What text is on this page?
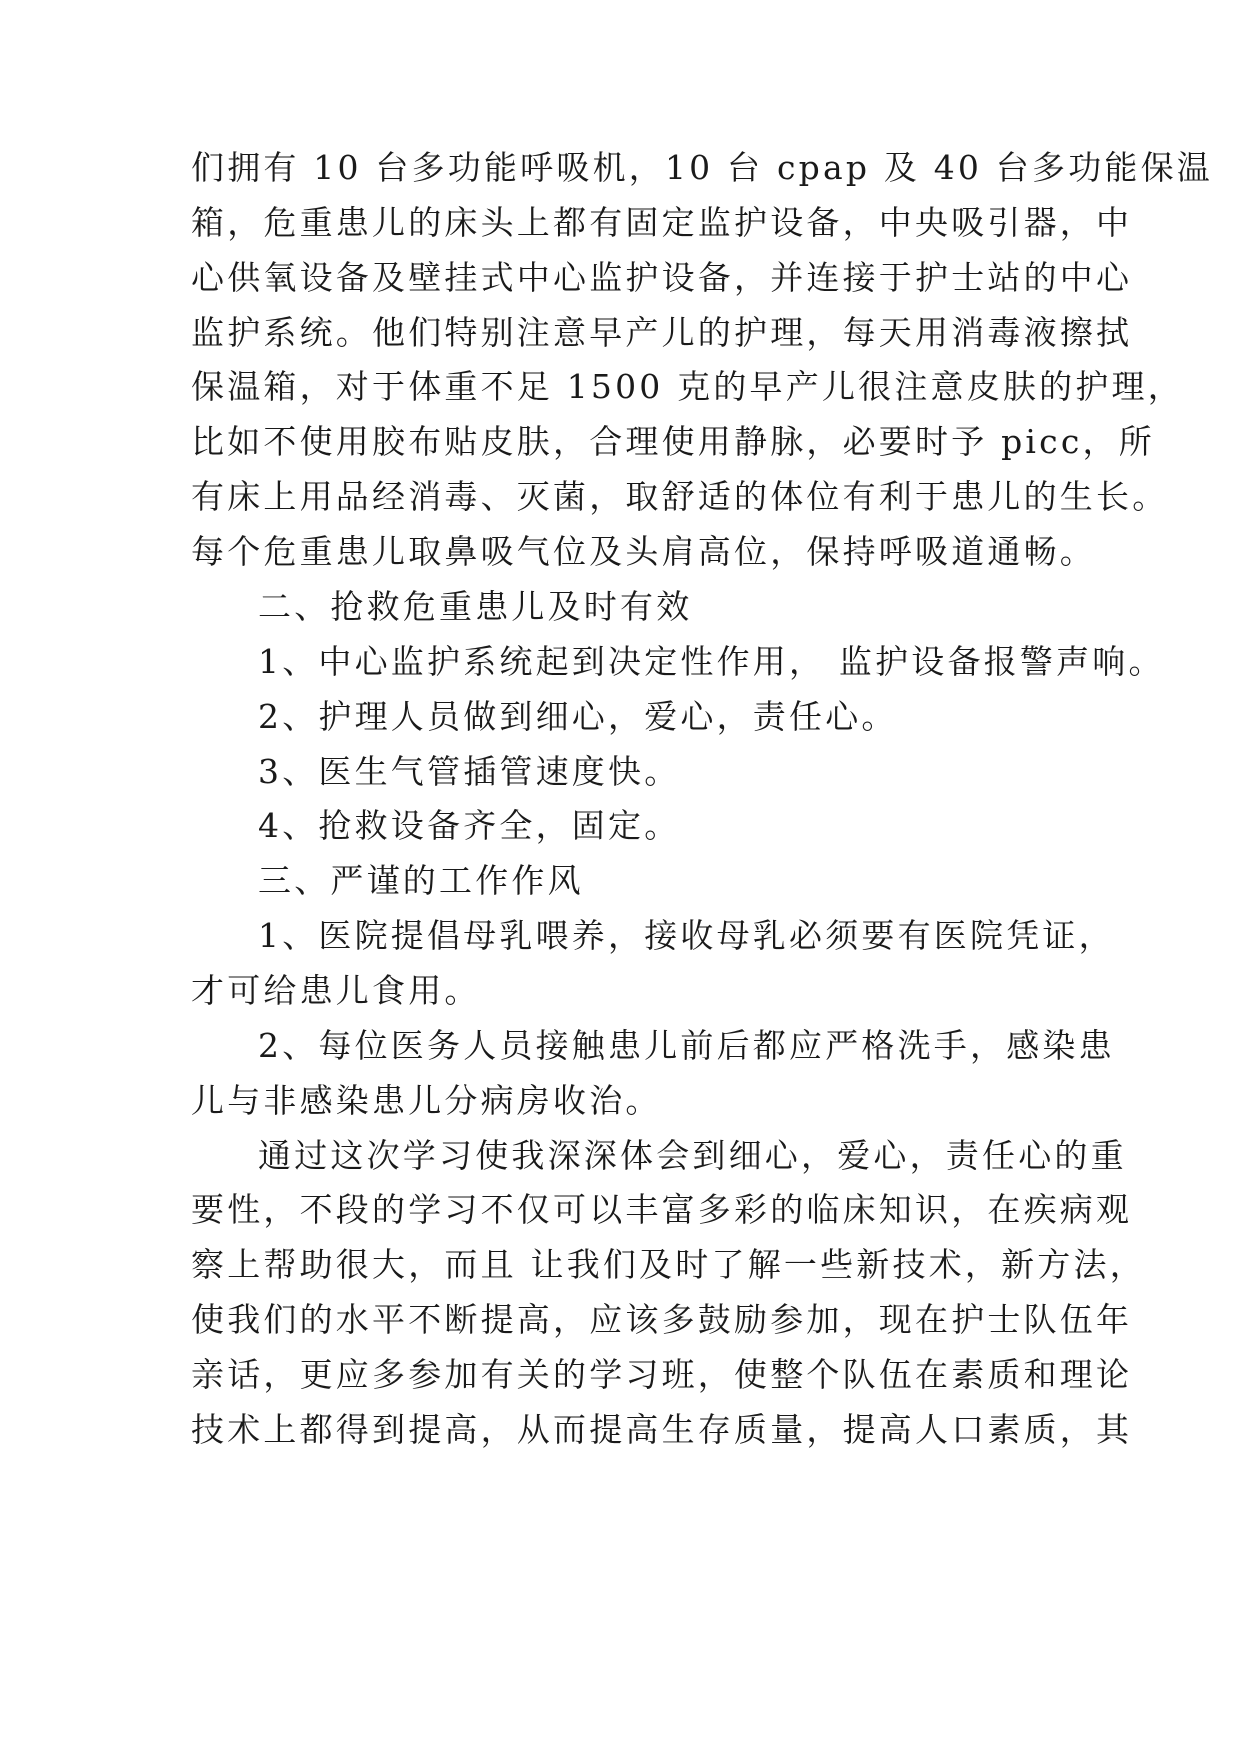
们拥有 10 台多功能呼吸机，10 台 cpap 及 40 台多功能保温
箱，危重患儿的床头上都有固定监护设备，中央吸引器，中
心供氧设备及壁挂式中心监护设备，并连接于护士站的中心
监护系统。他们特别注意早产儿的护理，每天用消毒液擦拭
保温箱，对于体重不足 1500 克的早产儿很注意皮肤的护理，
比如不使用胶布贴皮肤，合理使用静脉，必要时予 picc，所
有床上用品经消毒、灭菌，取舒适的体位有利于患儿的生长。
每个危重患儿取鼻吸气位及头肩高位，保持呼吸道通畅。
二、抢救危重患儿及时有效
1、中心监护系统起到决定性作用， 监护设备报警声响。
2、护理人员做到细心，爱心，责任心。
3、医生气管插管速度快。
4、抢救设备齐全，固定。
三、严谨的工作作风
1、医院提倡母乳喂养，接收母乳必须要有医院凭证，
才可给患儿食用。
2、每位医务人员接触患儿前后都应严格洗手，感染患
儿与非感染患儿分病房收治。
通过这次学习使我深深体会到细心，爱心，责任心的重
要性，不段的学习不仅可以丰富多彩的临床知识，在疾病观
察上帮助很大，而且 让我们及时了解一些新技术，新方法，
使我们的水平不断提高，应该多鼓励参加，现在护士队伍年
亲话，更应多参加有关的学习班，使整个队伍在素质和理论
技术上都得到提高，从而提高生存质量，提高人口素质，其
